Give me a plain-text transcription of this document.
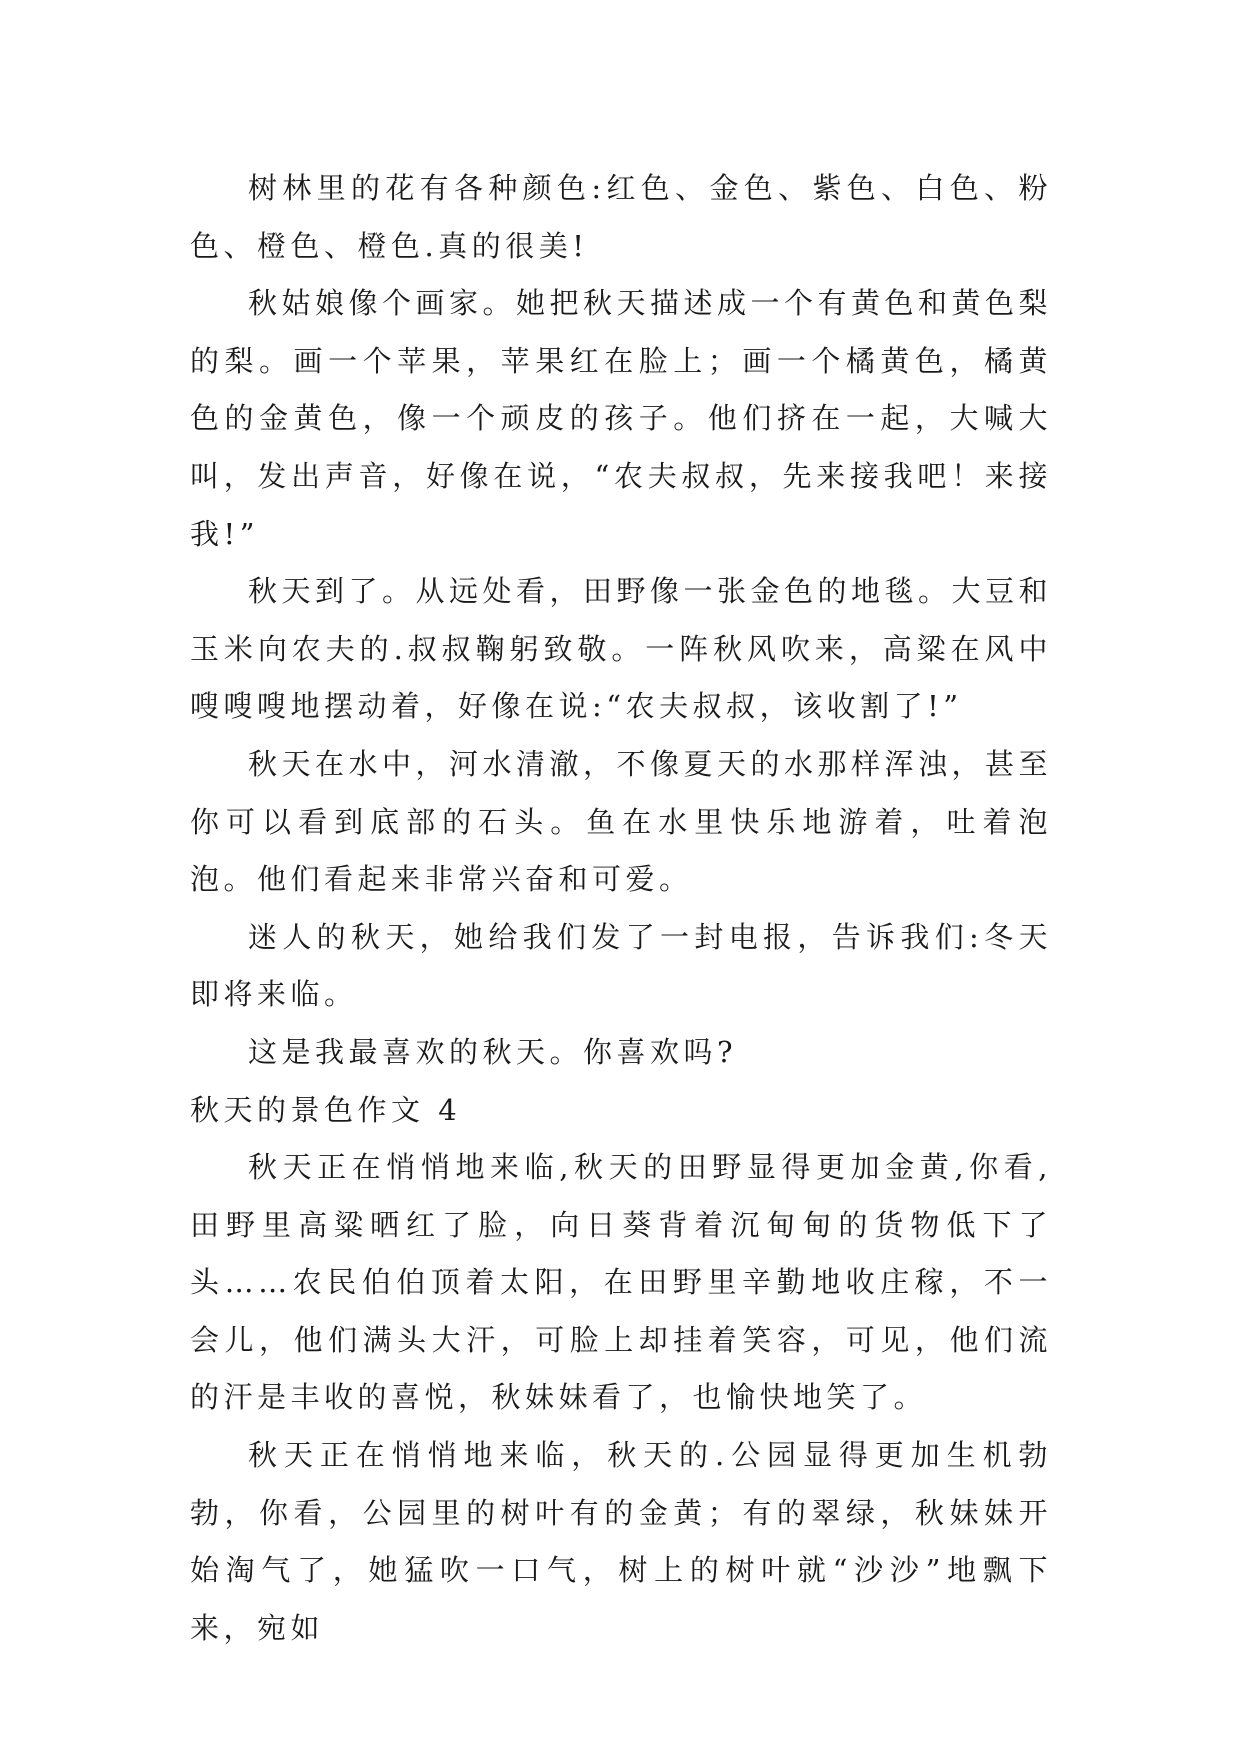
树林里的花有各种颜色:红色、金色、紫色、白色、粉色、橙色、橙色.真的很美!

秋姑娘像个画家。她把秋天描述成一个有黄色和黄色梨的梨。画一个苹果，苹果红在脸上；画一个橘黄色，橘黄色的金黄色，像一个顽皮的孩子。他们挤在一起，大喊大叫，发出声音，好像在说，“农夫叔叔，先来接我吧！来接我!”

秋天到了。从远处看，田野像一张金色的地毯。大豆和玉米向农夫的.叔叔鞠躬致敬。一阵秋风吹来，高粱在风中嗖嗖嗖地摆动着，好像在说:“农夫叔叔，该收割了!”

秋天在水中，河水清澈，不像夏天的水那样浑浊，甚至你可以看到底部的石头。鱼在水里快乐地游着，吐着泡泡。他们看起来非常兴奋和可爱。

迷人的秋天，她给我们发了一封电报，告诉我们:冬天即将来临。

这是我最喜欢的秋天。你喜欢吗?

秋天的景色作文 4

秋天正在悄悄地来临,秋天的田野显得更加金黄,你看,田野里高粱晒红了脸，向日葵背着沉甸甸的货物低下了头……农民伯伯顶着太阳，在田野里辛勤地收庄稼，不一会儿，他们满头大汗，可脸上却挂着笑容，可见，他们流的汗是丰收的喜悦，秋妹妹看了，也愉快地笑了。

秋天正在悄悄地来临，秋天的.公园显得更加生机勃勃，你看，公园里的树叶有的金黄；有的翠绿，秋妹妹开始淘气了，她猛吹一口气，树上的树叶就“沙沙”地飘下来，宛如
